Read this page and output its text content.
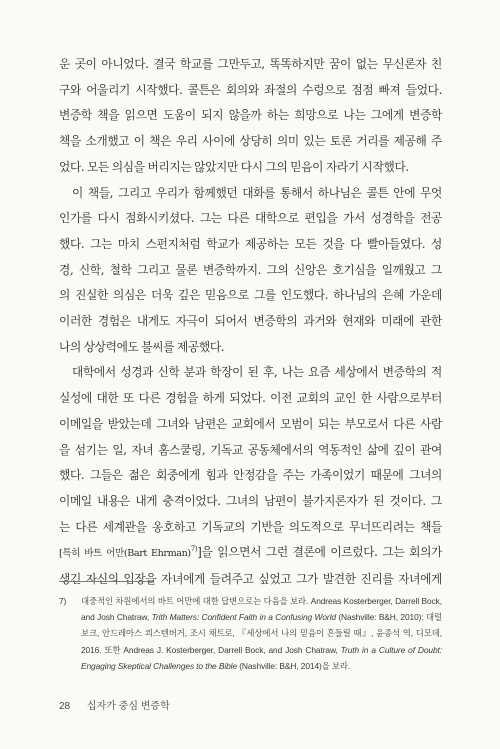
운 곳이 아니었다. 결국 학교를 그만두고, 똑똑하지만 꿈이 없는 무신론자 친

구와 어울리기 시작했다. 콜튼은 회의와 좌절의 수렁으로 점점 빠져 들었다.

변증학 책을 읽으면 도움이 되지 않을까 하는 희망으로 나는 그에게 변증학

책을 소개했고 이 책은 우리 사이에 상당히 의미 있는 토론 거리를 제공해 주

었다. 모든 의심을 버리지는 않았지만 다시 그의 믿음이 자라기 시작했다.

이 책들, 그리고 우리가 함께했던 대화를 통해서 하나님은 콜튼 안에 무엇

인가를 다시 점화시키셨다. 그는 다른 대학으로 편입을 가서 성경학을 전공

했다. 그는 마치 스펀지처럼 학교가 제공하는 모든 것을 다 빨아들였다. 성

경, 신학, 철학 그리고 물론 변증학까지. 그의 신앙은 호기심을 일깨웠고 그

의 진실한 의심은 더욱 깊은 믿음으로 그를 인도했다. 하나님의 은혜 가운데

이러한 경험은 내게도 자극이 되어서 변증학의 과거와 현재와 미래에 관한

나의 상상력에도 불씨를 제공했다.

대학에서 성경과 신학 분과 학장이 된 후, 나는 요즘 세상에서 변증학의 적

실성에 대한 또 다른 경험을 하게 되었다. 이전 교회의 교인 한 사람으로부터

이메일을 받았는데 그녀와 남편은 교회에서 모범이 되는 부모로서 다른 사람

을 섬기는 일, 자녀 홈스쿨링, 기독교 공동체에서의 역동적인 삶에 깊이 관여

했다. 그들은 젊은 회중에게 힘과 안정감을 주는 가족이었기 때문에 그녀의

이메일 내용은 내게 충격이었다. 그녀의 남편이 불가지론자가 된 것이다. 그

는 다른 세계관을 옹호하고 기독교의 기반을 의도적으로 무너뜨리려는 책들

[특히 바트 어만(Bart Ehrman)$^{7)}$]을 읽으면서 그런 결론에 이르렀다. 그는 회의가

생긴 자신의 입장을 자녀에게 들려주고 싶었고 그가 발견한 진리를 자녀에게

7)	대중적인 차원에서의 바트 어만에 대한 답변으로는 다음을 보라. Andreas Kosterberger, Darrell Bock, and Josh Chatraw, Trith Matters: Confident Faith in a Confusing World (Nashville: B&H, 2010): 대럴 보크, 안드레아스 쾨스텐버거, 조시 채트로, 『세상에서 나의 믿음이 흔들릴 때』, 윤종석 역, 디모데, 2016. 또한 Andreas J. Kosterberger, Darrell Bock, and Josh Chatraw, Truth in a Culture of Doubt: Engaging Skeptical Challenges to the Bible (Nashville: B&H, 2014)을 보라.
28 십자가 중심 변증학
